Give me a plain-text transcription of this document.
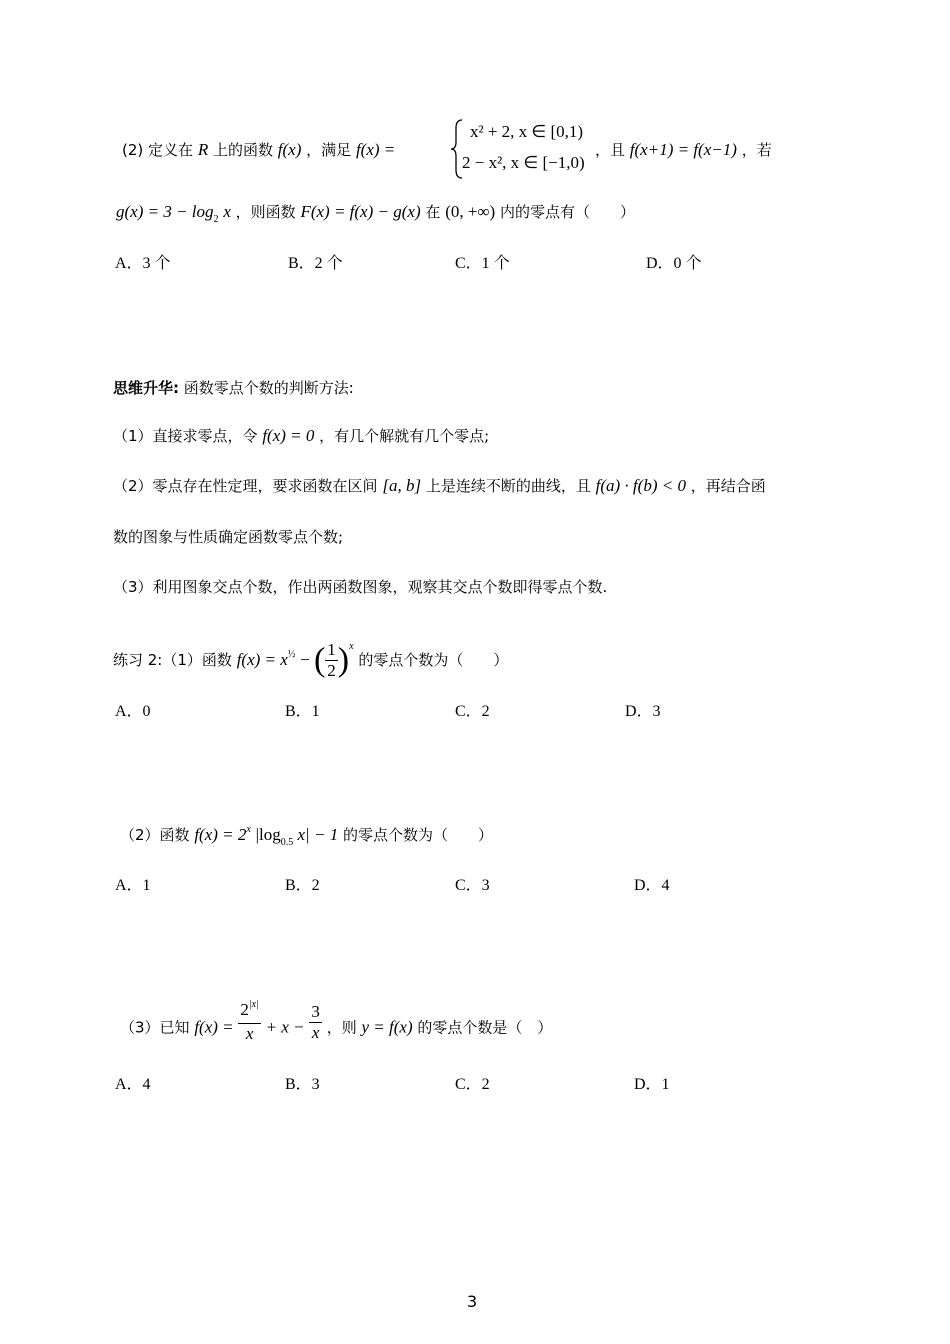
(2) 定义在 R 上的函数 f(x) ，满足 f(x) =
x² + 2, x ∈ [0,1)
2 − x², x ∈ [−1,0)
，且 f(x+1) = f(x−1) ，若
$g(x) = 3 - \log_2 x$ ，则函数 F(x) = f(x) − g(x) 在 (0, +∞) 内的零点有（　　）
A．3 个	B．2 个	C．1 个	D．0 个
思维升华: 函数零点个数的判断方法:
（1）直接求零点，令 f(x) = 0 ，有几个解就有几个零点;
（2）零点存在性定理，要求函数在区间 [a, b] 上是连续不断的曲线，且 f(a) · f(b) < 0 ，再结合函
数的图象与性质确定函数零点个数;
（3）利用图象交点个数，作出两函数图象，观察其交点个数即得零点个数.
练习 2:（1）函数 $f(x) = x^{\frac{1}{2}}$ − ( $\frac{1}{2} )^x$ 的零点个数为（　　）
A．0	B．1	C．2	D．3
（2）函数 $f(x) = 2^x$ $|\log_{0.5}$ x| − 1 的零点个数为（　　）
A．1	B．2	C．3	D．4
（3）已知 $f(x) = \frac{2^{|x|}}{x} + x - \frac{3}{x}$ ，则 y = f(x) 的零点个数是（　）
A．4	B．3	C．2	D．1
3
